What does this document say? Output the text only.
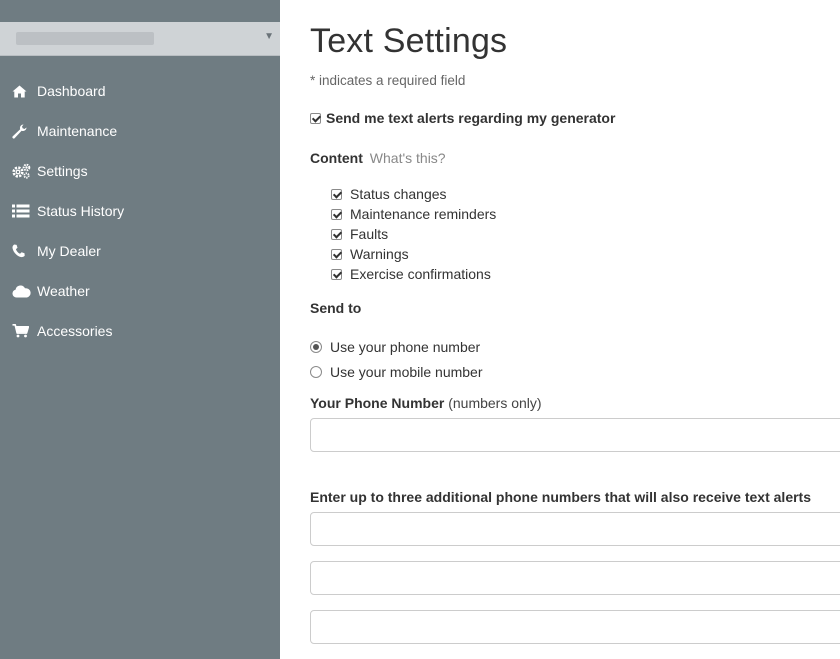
▼
Dashboard
Maintenance
Settings
Status History
My Dealer
Weather
Accessories
Text Settings
* indicates a required field
Send me text alerts regarding my generator
Content What's this?
Status changes
Maintenance reminders
Faults
Warnings
Exercise confirmations
Send to
Use your phone number
Use your mobile number
Your Phone Number (numbers only)
Enter up to three additional phone numbers that will also receive text alerts
